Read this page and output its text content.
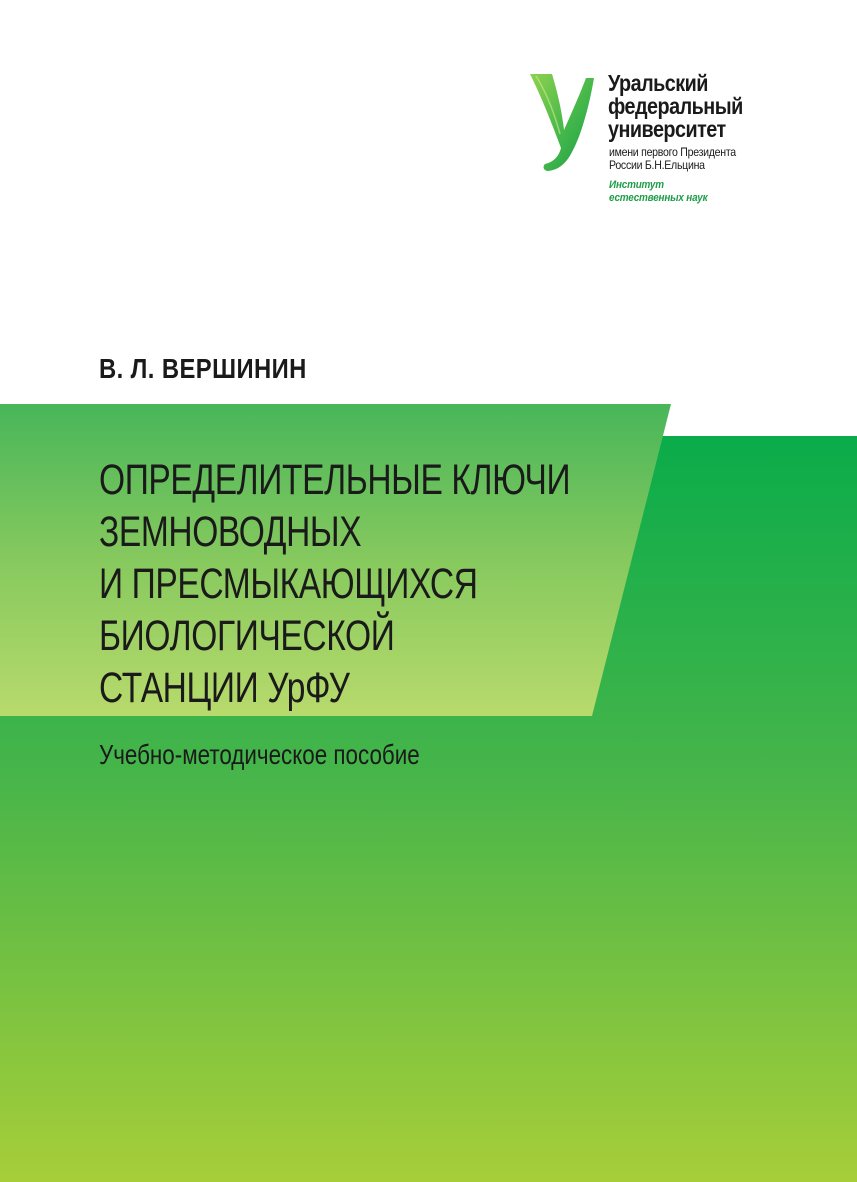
Уральский
федеральный
университет
имени первого Президента
России Б.Н.Ельцина
Институт
естественных наук
В. Л. ВЕРШИНИН
ОПРЕДЕЛИТЕЛЬНЫЕ КЛЮЧИ
ЗЕМНОВОДНЫХ
И ПРЕСМЫКАЮЩИХСЯ
БИОЛОГИЧЕСКОЙ
СТАНЦИИ УрФУ
Учебно-методическое пособие
